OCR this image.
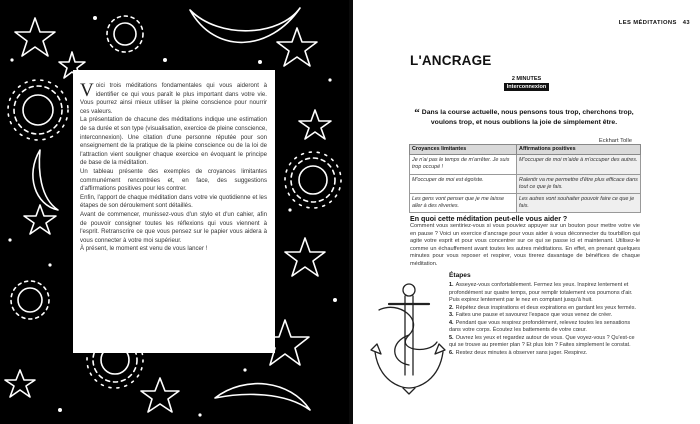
V oici trois méditations fondamentales qui vous aideront à identifier ce qui vous paraît le plus important dans votre vie. Vous pourrez ainsi mieux utiliser la pleine conscience pour nourrir ces valeurs.

La présentation de chacune des méditations indique une estimation de sa durée et son type (visualisation, exercice de pleine conscience, interconnexion). Une citation d'une personne réputée pour son enseignement de la pratique de la pleine conscience ou de la loi de l'attraction vient souligner chaque exercice en évoquant le principe de base de la méditation.

Un tableau présente des exemples de croyances limitantes communément rencontrées et, en face, des suggestions d'affirmations positives pour les contrer.

Enfin, l'apport de chaque méditation dans votre vie quotidienne et les étapes de son déroulement sont détaillés.

Avant de commencer, munissez-vous d'un stylo et d'un cahier, afin de pouvoir consigner toutes les réflexions qui vous viennent à l'esprit. Retranscrire ce que vous pensez sur le papier vous aidera à vous connecter à votre moi supérieur.

À présent, le moment est venu de vous lancer !

LES MÉDITATIONS 43
L'ANCRAGE
2 MINUTES
Interconnexion
“ Dans la course actuelle, nous pensons tous trop, cherchons trop, voulons trop, et nous oublions la joie de simplement être.
Eckhart Tolle
Croyances limitantes	Affirmations positives
Je n'ai pas le temps de m'arrêter. Je suis trop occupé !	M'occuper de moi m'aide à m'occuper des autres.
M'occuper de moi est égoïste.	Ralentir va me permettre d'être plus efficace dans tout ce que je fais.
Les gens vont penser que je me laisse aller à des rêveries.	Les autres vont souhaiter pouvoir faire ce que je fais.
En quoi cette méditation peut-elle vous aider ?
Comment vous sentiriez-vous si vous pouviez appuyer sur un bouton pour mettre votre vie en pause ? Voici un exercice d'ancrage pour vous aider à vous déconnecter du tourbillon qui agite votre esprit et pour vous concentrer sur ce qui se passe ici et maintenant. Utilisez-le comme un échauffement avant toutes les autres méditations. En effet, en prenant quelques minutes pour vous reposer et respirer, vous tirerez davantage de bénéfices de chaque méditation.
Étapes
1. Asseyez-vous confortablement. Fermez les yeux. Inspirez lentement et profondément sur quatre temps, pour remplir totalement vos poumons d'air. Puis expirez lentement par le nez en comptant jusqu'à huit.
2. Répétez deux inspirations et deux expirations en gardant les yeux fermés.
3. Faites une pause et savourez l'espace que vous venez de créer.
4. Pendant que vous respirez profondément, relevez toutes les sensations dans votre corps. Écoutez les battements de votre cœur.
5. Ouvrez les yeux et regardez autour de vous. Que voyez-vous ? Qu'est-ce qui se trouve au premier plan ? Et plus loin ? Faites simplement le constat.
6. Restez deux minutes à observer sans juger. Respirez.
